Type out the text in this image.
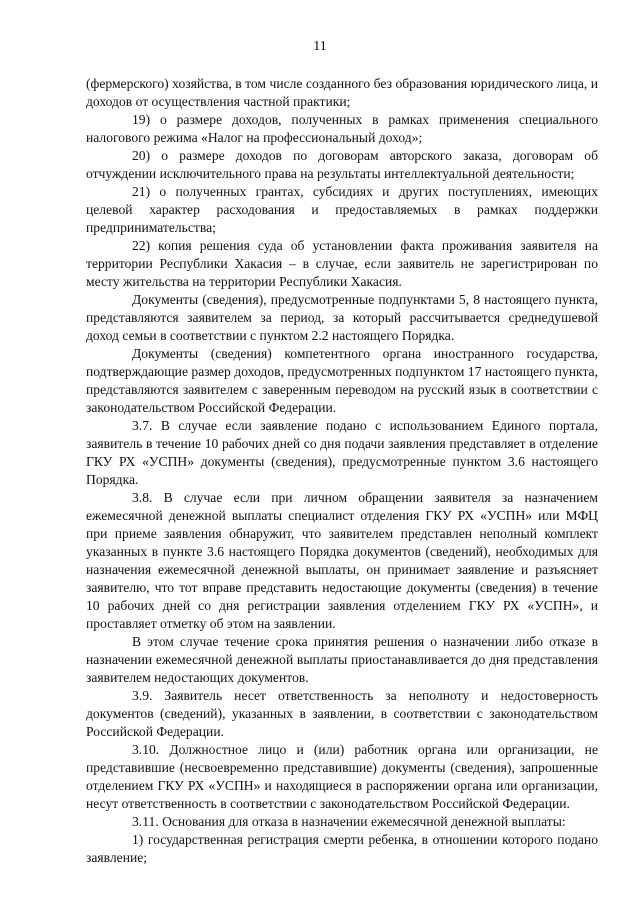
11

(фермерского) хозяйства, в том числе созданного без образования юридического лица, и доходов от осуществления частной практики;

19) о размере доходов, полученных в рамках применения специального налогового режима «Налог на профессиональный доход»;

20) о размере доходов по договорам авторского заказа, договорам об отчуждении исключительного права на результаты интеллектуальной деятельности;

21) о полученных грантах, субсидиях и других поступлениях, имеющих целевой характер расходования и предоставляемых в рамках поддержки предпринимательства;

22) копия решения суда об установлении факта проживания заявителя на территории Республики Хакасия – в случае, если заявитель не зарегистрирован по месту жительства на территории Республики Хакасия.

Документы (сведения), предусмотренные подпунктами 5, 8 настоящего пункта, представляются заявителем за период, за который рассчитывается среднедушевой доход семьи в соответствии с пунктом 2.2 настоящего Порядка.

Документы (сведения) компетентного органа иностранного государства, подтверждающие размер доходов, предусмотренных подпунктом 17 настоящего пункта, представляются заявителем с заверенным переводом на русский язык в соответствии с законодательством Российской Федерации.

3.7. В случае если заявление подано с использованием Единого портала, заявитель в течение 10 рабочих дней со дня подачи заявления представляет в отделение ГКУ РХ «УСПН» документы (сведения), предусмотренные пунктом 3.6 настоящего Порядка.

3.8. В случае если при личном обращении заявителя за назначением ежемесячной денежной выплаты специалист отделения ГКУ РХ «УСПН» или МФЦ при приеме заявления обнаружит, что заявителем представлен неполный комплект указанных в пункте 3.6 настоящего Порядка документов (сведений), необходимых для назначения ежемесячной денежной выплаты, он принимает заявление и разъясняет заявителю, что тот вправе представить недостающие документы (сведения) в течение 10 рабочих дней со дня регистрации заявления отделением ГКУ РХ «УСПН», и проставляет отметку об этом на заявлении.

В этом случае течение срока принятия решения о назначении либо отказе в назначении ежемесячной денежной выплаты приостанавливается до дня представления заявителем недостающих документов.

3.9. Заявитель несет ответственность за неполноту и недостоверность документов (сведений), указанных в заявлении, в соответствии с законодательством Российской Федерации.

3.10. Должностное лицо и (или) работник органа или организации, не представившие (несвоевременно представившие) документы (сведения), запрошенные отделением ГКУ РХ «УСПН» и находящиеся в распоряжении органа или организации, несут ответственность в соответствии с законодательством Российской Федерации.

3.11. Основания для отказа в назначении ежемесячной денежной выплаты:

1) государственная регистрация смерти ребенка, в отношении которого подано заявление;
